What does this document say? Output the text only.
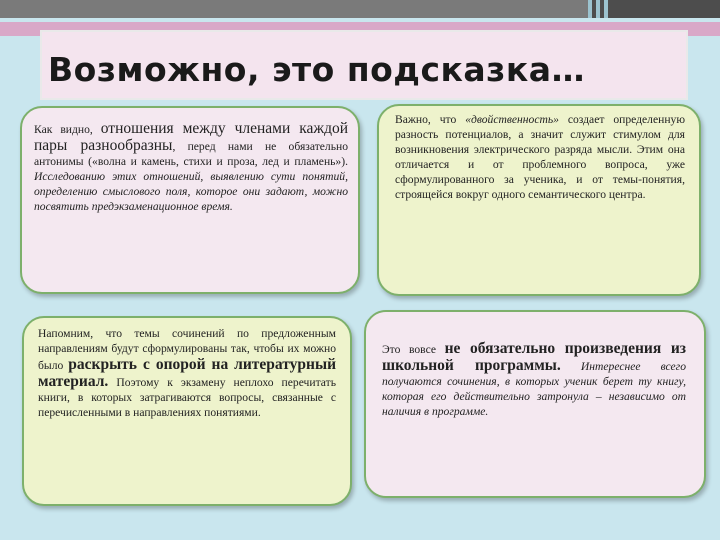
Возможно, это подсказка…

Как видно, отношения между членами каждой пары разнообразны, перед нами не обязательно антонимы («волна и камень, стихи и проза, лед и пламень»). Исследованию этих отношений, выявлению сути понятий, определению смыслового поля, которое они задают, можно посвятить предэкзаменационное время.

Важно, что «двойственность» создает определенную разность потенциалов, а значит служит стимулом для возникновения электрического разряда мысли. Этим она отличается и от проблемного вопроса, уже сформулированного за ученика, и от темы-понятия, строящейся вокруг одного семантического центра.

Напомним, что темы сочинений по предложенным направлениям будут сформулированы так, чтобы их можно было раскрыть с опорой на литературный материал. Поэтому к экзамену неплохо перечитать книги, в которых затрагиваются вопросы, связанные с перечисленными в направлениях понятиями.

Это вовсе не обязательно произведения из школьной программы. Интереснее всего получаются сочинения, в которых ученик берет ту книгу, которая его действительно затронула – независимо от наличия в программе.
